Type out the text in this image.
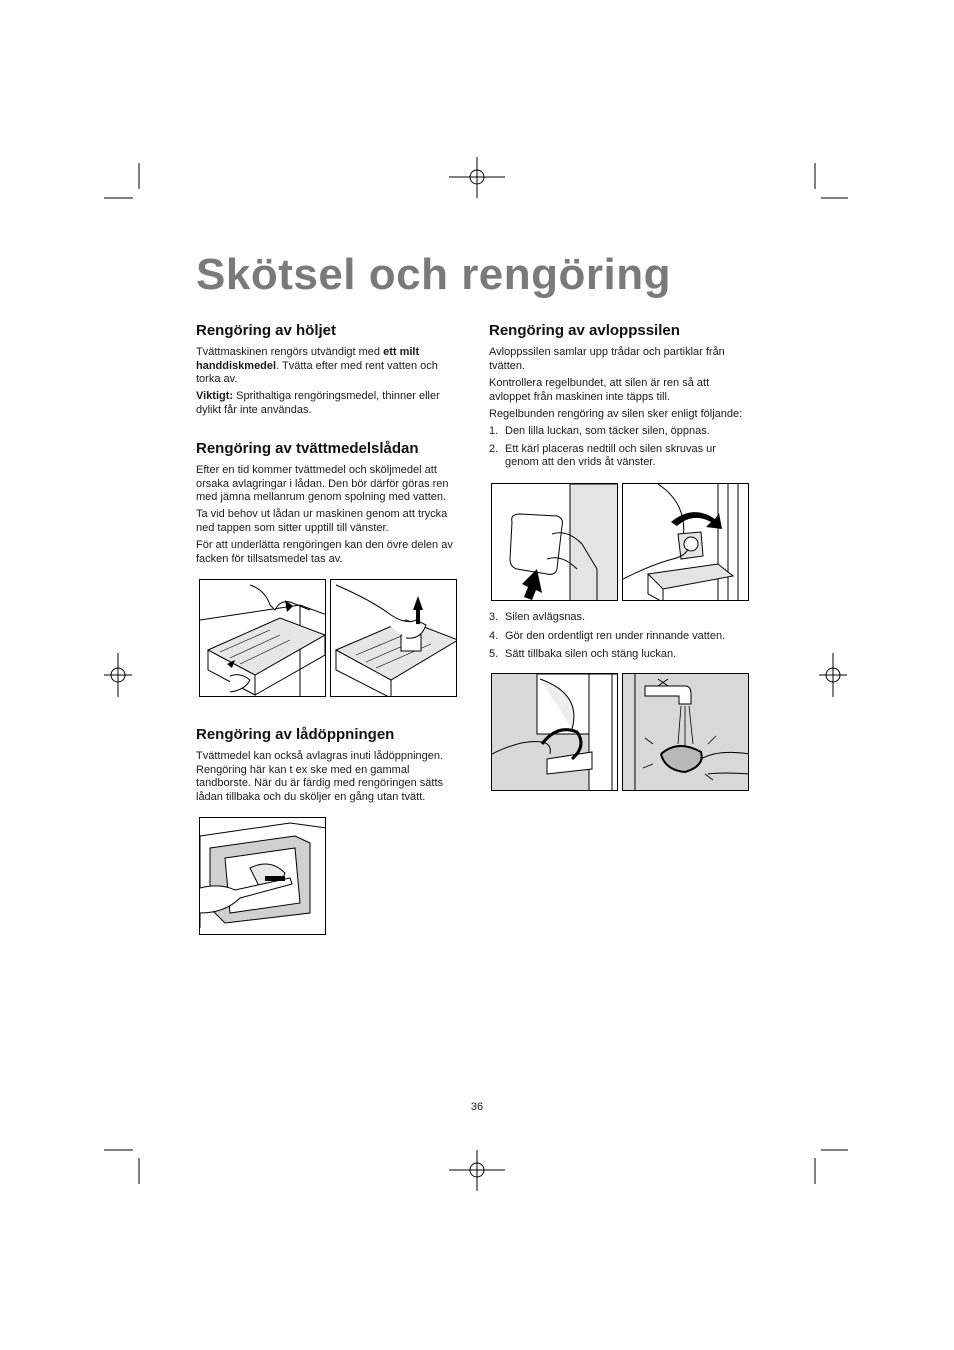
Skötsel och rengöring
Rengöring av höljet
Tvättmaskinen rengörs utvändigt med ett milt handdiskmedel. Tvätta efter med rent vatten och torka av.
Viktigt: Sprithaltiga rengöringsmedel, thinner eller dylikt får inte användas.
Rengöring av tvättmedelslådan
Efter en tid kommer tvättmedel och sköljmedel att orsaka avlagringar i lådan. Den bör därför göras ren med jämna mellanrum genom spolning med vatten.
Ta vid behov ut lådan ur maskinen genom att trycka ned tappen som sitter upptill till vänster.
För att underlätta rengöringen kan den övre delen av facken för tillsatsmedel tas av.
Rengöring av lådöppningen
Tvättmedel kan också avlagras inuti lådöppningen. Rengöring här kan t ex ske med en gammal tandborste. När du är färdig med rengöringen sätts lådan tillbaka och du sköljer en gång utan tvätt.
Rengöring av avloppssilen
Avloppssilen samlar upp trådar och partiklar från tvätten.
Kontrollera regelbundet, att silen är ren så att avloppet från maskinen inte täpps till.
Regelbunden rengöring av silen sker enligt följande:
1. Den lilla luckan, som täcker silen, öppnas.
2. Ett kärl placeras nedtill och silen skruvas ur genom att den vrids åt vänster.
3. Silen avlägsnas.
4. Gör den ordentligt ren under rinnande vatten.
5. Sätt tillbaka silen och stäng luckan.
36
